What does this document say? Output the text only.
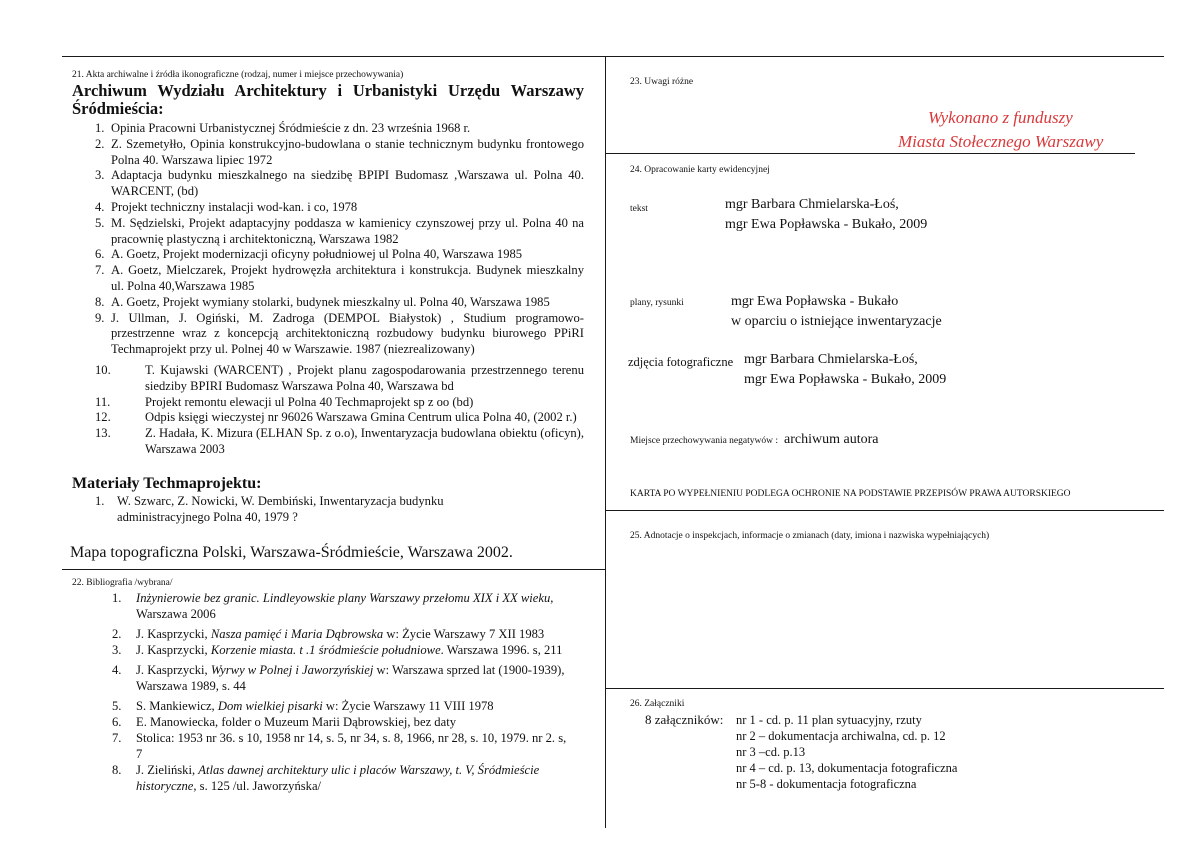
21. Akta archiwalne i źródła ikonograficzne (rodzaj, numer i miejsce przechowywania)
Archiwum Wydziału Architektury i Urbanistyki Urzędu Warszawy
Śródmieścia:
1. Opinia Pracowni Urbanistycznej Śródmieście z dn. 23 września 1968 r.
2. Z. Szemetyłło, Opinia konstrukcyjno-budowlana o stanie technicznym budynku frontowego Polna 40. Warszawa lipiec 1972
3. Adaptacja budynku mieszkalnego na siedzibę BPIPI Budomasz ,Warszawa ul. Polna 40. WARCENT, (bd)
4. Projekt techniczny instalacji wod-kan. i co, 1978
5. M. Sędzielski, Projekt adaptacyjny poddasza w kamienicy czynszowej przy ul. Polna 40 na pracownię plastyczną i architektoniczną, Warszawa 1982
6. A. Goetz, Projekt modernizacji oficyny południowej ul Polna 40, Warszawa 1985
7. A. Goetz, Mielczarek, Projekt hydrowęzła architektura i konstrukcja. Budynek mieszkalny ul. Polna 40,Warszawa 1985
8. A. Goetz, Projekt wymiany stolarki, budynek mieszkalny ul. Polna 40, Warszawa 1985
9. J. Ullman, J. Ogiński, M. Zadroga (DEMPOL Białystok) , Studium programowo-przestrzenne wraz z koncepcją architektoniczną rozbudowy budynku biurowego PPiRI Techmaprojekt przy ul. Polnej 40 w Warszawie. 1987 (niezrealizowany)
10.	T. Kujawski (WARCENT) , Projekt planu zagospodarowania przestrzennego terenu siedziby BPIRI Budomasz Warszawa Polna 40, Warszawa bd
11.	Projekt remontu elewacji ul Polna 40 Techmaprojekt sp z oo (bd)
12.	Odpis księgi wieczystej nr 96026 Warszawa Gmina Centrum ulica Polna 40, (2002 r.)
13.	Z. Hadała, K. Mizura (ELHAN Sp. z o.o), Inwentaryzacja budowlana obiektu (oficyn), Warszawa 2003
Materiały Techmaprojektu:
1. W. Szwarc, Z. Nowicki, W. Dembiński, Inwentaryzacja budynku administracyjnego Polna 40, 1979 ?
Mapa topograficzna Polski, Warszawa-Śródmieście, Warszawa 2002.
22. Bibliografia /wybrana/
1.	Inżynierowie bez granic. Lindleyowskie plany Warszawy przełomu XIX i XX wieku, Warszawa 2006
2.	J. Kasprzycki, Nasza pamięć i Maria Dąbrowska w: Życie Warszawy 7 XII 1983
3.	J. Kasprzycki, Korzenie miasta. t .1 śródmieście południowe. Warszawa 1996. s, 211
4.	J. Kasprzycki, Wyrwy w Polnej i Jaworzyńskiej w: Warszawa sprzed lat (1900-1939), Warszawa 1989, s. 44
5.	S. Mankiewicz, Dom wielkiej pisarki w: Życie Warszawy 11 VIII 1978
6.	E. Manowiecka, folder o Muzeum Marii Dąbrowskiej, bez daty
7.	Stolica: 1953 nr 36. s 10, 1958 nr 14, s. 5, nr 34, s. 8, 1966, nr 28, s. 10, 1979. nr 2. s, 7
8.	J. Zieliński, Atlas dawnej architektury ulic i placów Warszawy, t. V, Śródmieście historyczne, s. 125 /ul. Jaworzyńska/
23. Uwagi różne
Wykonano z funduszy
Miasta Stołecznego Warszawy
24. Opracowanie karty ewidencyjnej
tekst	mgr Barbara Chmielarska-Łoś,
mgr Ewa Popławska - Bukało, 2009
plany, rysunki	mgr Ewa Popławska - Bukało
w oparciu o istniejące inwentaryzacje
zdjęcia fotograficzne mgr Barbara Chmielarska-Łoś,
mgr Ewa Popławska - Bukało, 2009
Miejsce przechowywania negatywów : archiwum autora
KARTA PO WYPEŁNIENIU PODLEGA OCHRONIE NA PODSTAWIE PRZEPISÓW PRAWA AUTORSKIEGO
25. Adnotacje o inspekcjach, informacje o zmianach (daty, imiona i nazwiska wypełniających)
26. Załączniki
8 załączników: nr 1 - cd. p. 11 plan sytuacyjny, rzuty
nr 2 – dokumentacja archiwalna, cd. p. 12
nr 3 –cd. p.13
nr 4 – cd. p. 13, dokumentacja fotograficzna
nr 5-8 - dokumentacja fotograficzna
